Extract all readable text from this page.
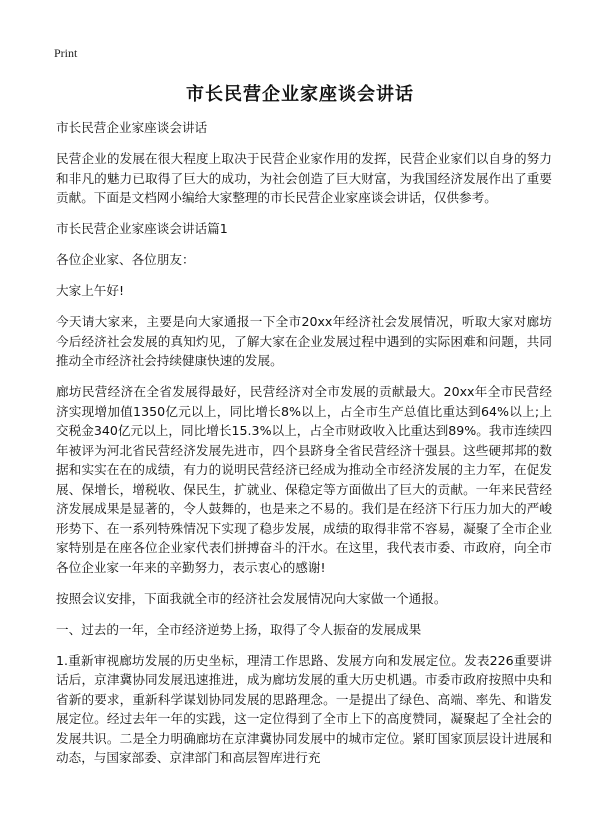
Print
市长民营企业家座谈会讲话

市长民营企业家座谈会讲话

民营企业的发展在很大程度上取决于民营企业家作用的发挥，民营企业家们以自身的努力和非凡的魅力已取得了巨大的成功，为社会创造了巨大财富，为我国经济发展作出了重要贡献。下面是文档网小编给大家整理的市长民营企业家座谈会讲话，仅供参考。

市长民营企业家座谈会讲话篇1

各位企业家、各位朋友：

大家上午好!

今天请大家来，主要是向大家通报一下全市20xx年经济社会发展情况，听取大家对廊坊今后经济社会发展的真知灼见，了解大家在企业发展过程中遇到的实际困难和问题，共同推动全市经济社会持续健康快速的发展。

廊坊民营经济在全省发展得最好，民营经济对全市发展的贡献最大。20xx年全市民营经济实现增加值1350亿元以上，同比增长8%以上，占全市生产总值比重达到64%以上;上交税金340亿元以上，同比增长15.3%以上，占全市财政收入比重达到89%。我市连续四年被评为河北省民营经济发展先进市，四个县跻身全省民营经济十强县。这些硬邦邦的数据和实实在在的成绩，有力的说明民营经济已经成为推动全市经济发展的主力军，在促发展、保增长，增税收、保民生，扩就业、保稳定等方面做出了巨大的贡献。一年来民营经济发展成果是显著的，令人鼓舞的，也是来之不易的。我们是在经济下行压力加大的严峻形势下、在一系列特殊情况下实现了稳步发展，成绩的取得非常不容易，凝聚了全市企业家特别是在座各位企业家代表们拼搏奋斗的汗水。在这里，我代表市委、市政府，向全市各位企业家一年来的辛勤努力，表示衷心的感谢!

按照会议安排，下面我就全市的经济社会发展情况向大家做一个通报。

一、过去的一年，全市经济逆势上扬，取得了令人振奋的发展成果

1.重新审视廊坊发展的历史坐标，理清工作思路、发展方向和发展定位。发表226重要讲话后，京津冀协同发展迅速推进，成为廊坊发展的重大历史机遇。市委市政府按照中央和省新的要求，重新科学谋划协同发展的思路理念。一是提出了绿色、高端、率先、和谐发展定位。经过去年一年的实践，这一定位得到了全市上下的高度赞同，凝聚起了全社会的发展共识。二是全力明确廊坊在京津冀协同发展中的城市定位。紧盯国家顶层设计进展和动态，与国家部委、京津部门和高层智库进行充
